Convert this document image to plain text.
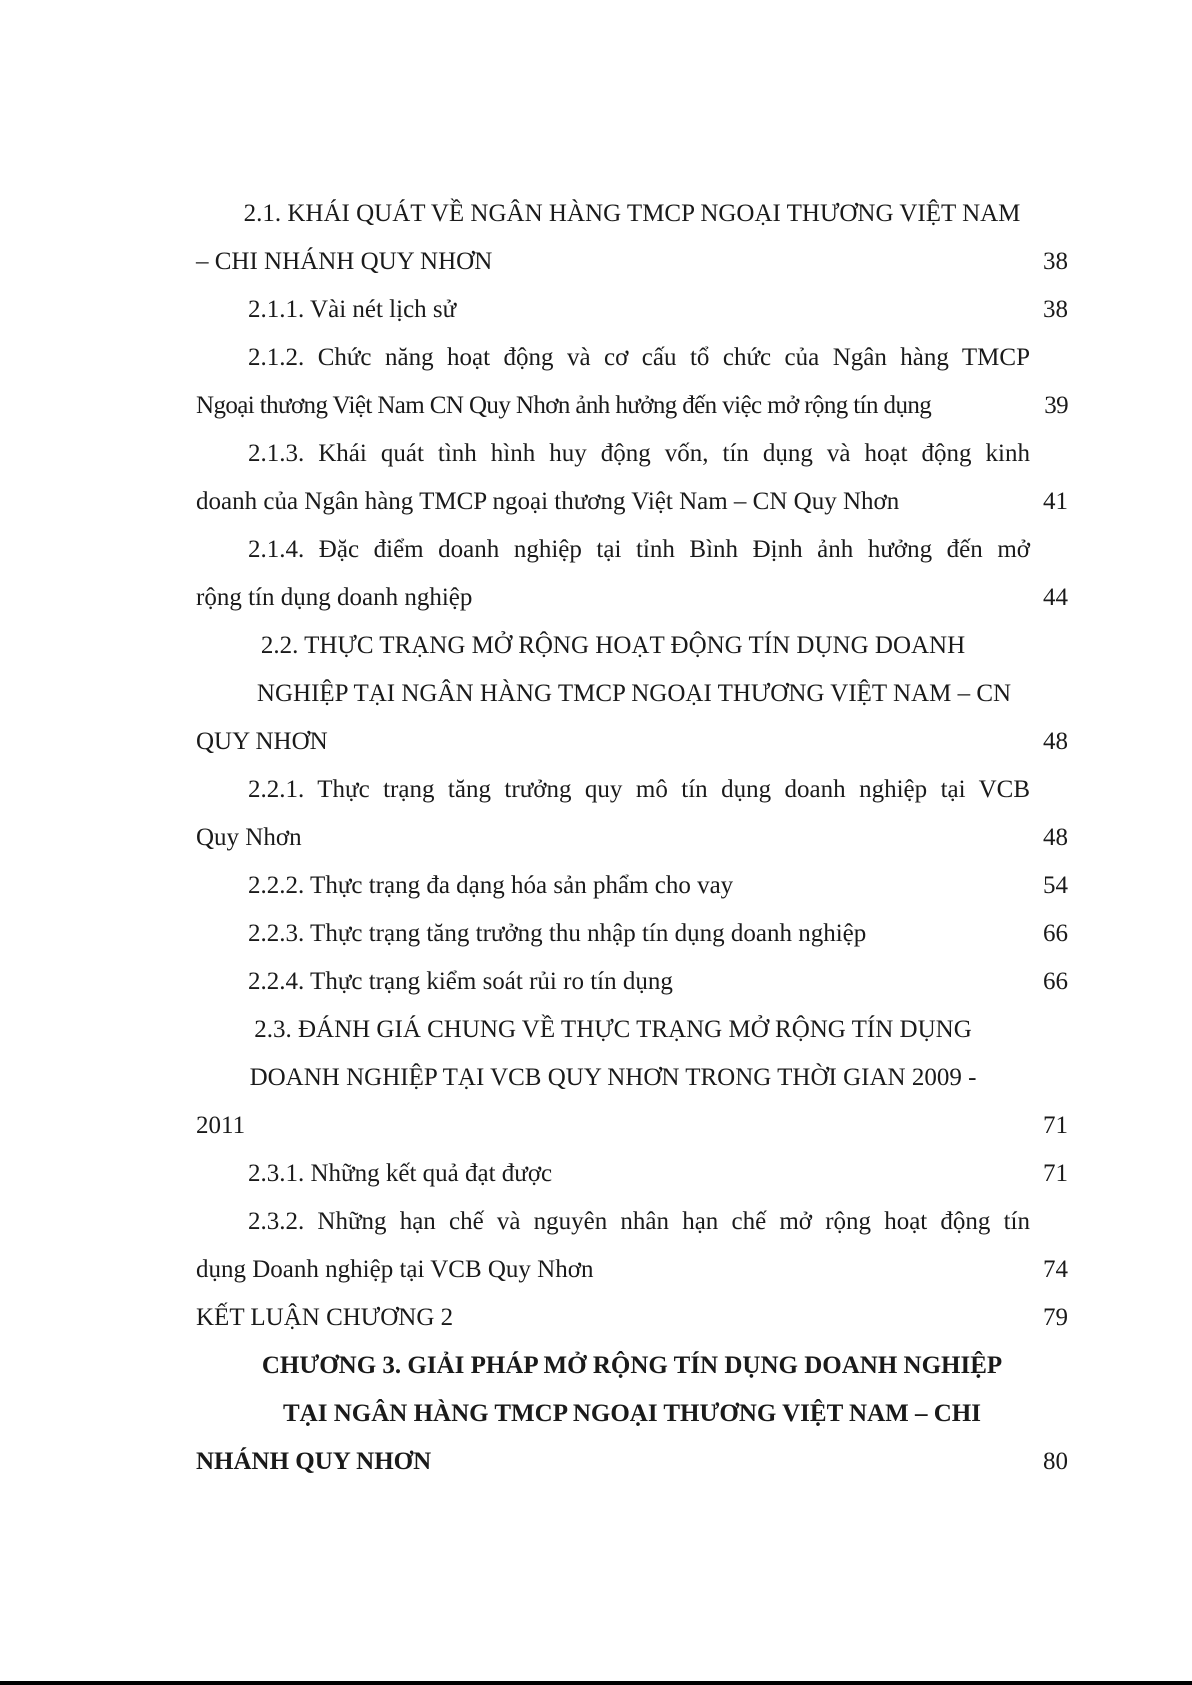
2.1. KHÁI QUÁT VỀ NGÂN HÀNG TMCP NGOẠI THƯƠNG VIỆT NAM
– CHI NHÁNH QUY NHƠN	38
2.1.1. Vài nét lịch sử	38
2.1.2. Chức năng hoạt động và cơ cấu tổ chức của Ngân hàng TMCP
Ngoại thương Việt Nam CN Quy Nhơn ảnh hưởng đến việc mở rộng tín dụng	39
2.1.3. Khái quát tình hình huy động vốn, tín dụng và hoạt động kinh
doanh của Ngân hàng TMCP ngoại thương Việt Nam – CN Quy Nhơn	41
2.1.4. Đặc điểm doanh nghiệp tại tỉnh Bình Định ảnh hưởng đến mở
rộng tín dụng doanh nghiệp	44
2.2. THỰC TRẠNG MỞ RỘNG HOẠT ĐỘNG TÍN DỤNG DOANH
NGHIỆP TẠI NGÂN HÀNG TMCP NGOẠI THƯƠNG VIỆT NAM – CN
QUY NHƠN	48
2.2.1. Thực trạng tăng trưởng quy mô tín dụng doanh nghiệp tại VCB
Quy Nhơn	48
2.2.2. Thực trạng đa dạng hóa sản phẩm cho vay	54
2.2.3. Thực trạng tăng trưởng thu nhập tín dụng doanh nghiệp	66
2.2.4. Thực trạng kiểm soát rủi ro tín dụng	66
2.3. ĐÁNH GIÁ CHUNG VỀ THỰC TRẠNG MỞ RỘNG TÍN DỤNG
DOANH NGHIỆP TẠI VCB QUY NHƠN TRONG THỜI GIAN 2009 -
2011	71
2.3.1. Những kết quả đạt được	71
2.3.2. Những hạn chế và nguyên nhân hạn chế mở rộng hoạt động tín
dụng Doanh nghiệp tại VCB Quy Nhơn	74
KẾT LUẬN CHƯƠNG 2	79
CHƯƠNG 3. GIẢI PHÁP MỞ RỘNG TÍN DỤNG DOANH NGHIỆP
TẠI NGÂN HÀNG TMCP NGOẠI THƯƠNG VIỆT NAM – CHI
NHÁNH QUY NHƠN	80
